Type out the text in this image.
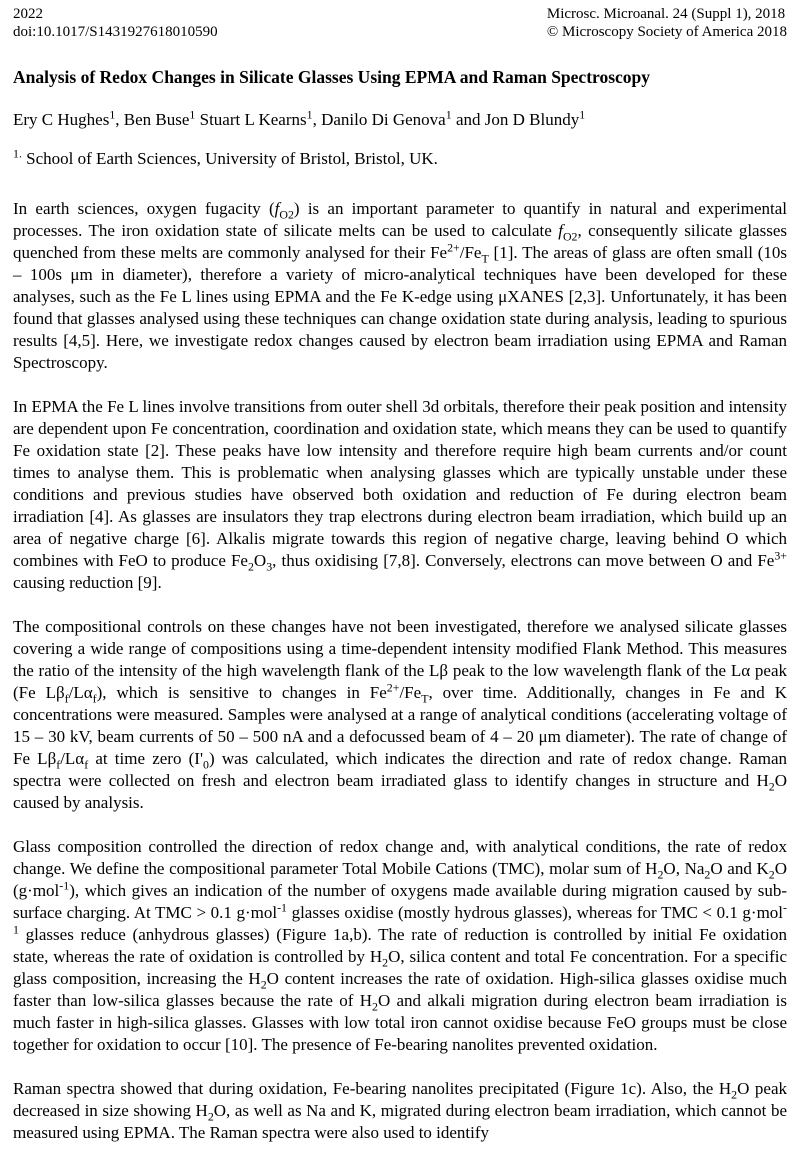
2022
doi:10.1017/S1431927618010590
Microsc. Microanal. 24 (Suppl 1), 2018
© Microscopy Society of America 2018
Analysis of Redox Changes in Silicate Glasses Using EPMA and Raman Spectroscopy
Ery C Hughes$^1$, Ben Buse$^1$ Stuart L Kearns$^1$, Danilo Di Genova$^1$ and Jon D Blundy$^1$
$^{1.}$ School of Earth Sciences, University of Bristol, Bristol, UK.

In earth sciences, oxygen fugacity $(f_{O2})$ is an important parameter to quantify in natural and experimental processes. The iron oxidation state of silicate melts can be used to calculate $f_{O2}$, consequently silicate glasses quenched from these melts are commonly analysed for their $Fe^{2+}/Fe_T$ [1]. The areas of glass are often small (10s – 100s μm in diameter), therefore a variety of micro-analytical techniques have been developed for these analyses, such as the Fe L lines using EPMA and the Fe K-edge using μXANES [2,3]. Unfortunately, it has been found that glasses analysed using these techniques can change oxidation state during analysis, leading to spurious results [4,5]. Here, we investigate redox changes caused by electron beam irradiation using EPMA and Raman Spectroscopy.

In EPMA the Fe L lines involve transitions from outer shell 3d orbitals, therefore their peak position and intensity are dependent upon Fe concentration, coordination and oxidation state, which means they can be used to quantify Fe oxidation state [2]. These peaks have low intensity and therefore require high beam currents and/or count times to analyse them. This is problematic when analysing glasses which are typically unstable under these conditions and previous studies have observed both oxidation and reduction of Fe during electron beam irradiation [4]. As glasses are insulators they trap electrons during electron beam irradiation, which build up an area of negative charge [6]. Alkalis migrate towards this region of negative charge, leaving behind O which combines with FeO to produce $Fe_2O_3$, thus oxidising [7,8]. Conversely, electrons can move between O and $Fe^{3+}$ causing reduction [9].

The compositional controls on these changes have not been investigated, therefore we analysed silicate glasses covering a wide range of compositions using a time-dependent intensity modified Flank Method. This measures the ratio of the intensity of the high wavelength flank of the Lβ peak to the low wavelength flank of the Lα peak (Fe $L\beta_f/L\alpha_f$), which is sensitive to changes in $Fe^{2+}/Fe_T$, over time. Additionally, changes in Fe and K concentrations were measured. Samples were analysed at a range of analytical conditions (accelerating voltage of 15 – 30 kV, beam currents of 50 – 500 nA and a defocussed beam of 4 – 20 μm diameter). The rate of change of Fe $L\beta_f/L\alpha_f$ at time zero $(I'_0)$ was calculated, which indicates the direction and rate of redox change. Raman spectra were collected on fresh and electron beam irradiated glass to identify changes in structure and $H_2O$ caused by analysis.

Glass composition controlled the direction of redox change and, with analytical conditions, the rate of redox change. We define the compositional parameter Total Mobile Cations (TMC), molar sum of $H_2O$, $Na_2O$ and $K_2O$ (g·mol$^{-1}$), which gives an indication of the number of oxygens made available during migration caused by sub-surface charging. At TMC > 0.1 g·mol$^{-1}$ glasses oxidise (mostly hydrous glasses), whereas for TMC < 0.1 g·mol$^{-1}$ glasses reduce (anhydrous glasses) (Figure 1a,b). The rate of reduction is controlled by initial Fe oxidation state, whereas the rate of oxidation is controlled by $H_2O$, silica content and total Fe concentration. For a specific glass composition, increasing the $H_2O$ content increases the rate of oxidation. High-silica glasses oxidise much faster than low-silica glasses because the rate of $H_2O$ and alkali migration during electron beam irradiation is much faster in high-silica glasses. Glasses with low total iron cannot oxidise because FeO groups must be close together for oxidation to occur [10]. The presence of Fe-bearing nanolites prevented oxidation.

Raman spectra showed that during oxidation, Fe-bearing nanolites precipitated (Figure 1c). Also, the $H_2O$ peak decreased in size showing $H_2O$, as well as Na and K, migrated during electron beam irradiation, which cannot be measured using EPMA. The Raman spectra were also used to identify
